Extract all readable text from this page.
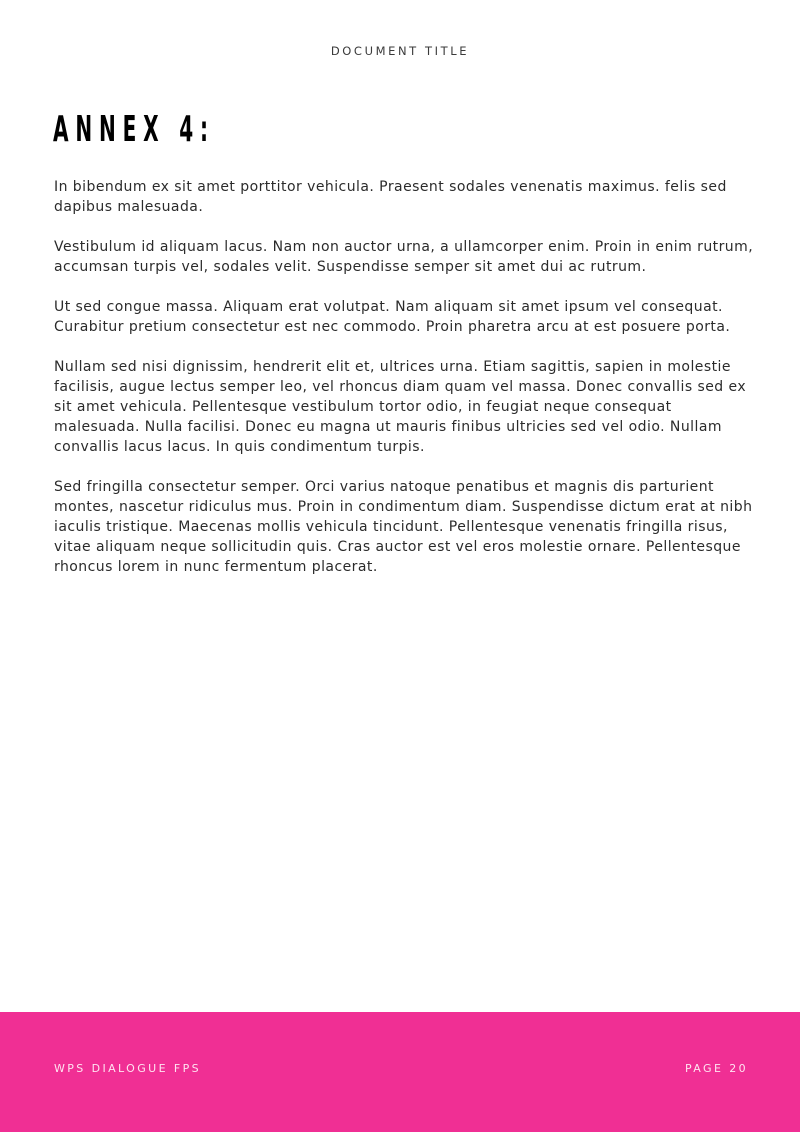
DOCUMENT TITLE
ANNEX 4:

In bibendum ex sit amet porttitor vehicula. Praesent sodales venenatis maximus. felis sed dapibus malesuada.

Vestibulum id aliquam lacus. Nam non auctor urna, a ullamcorper enim. Proin in enim rutrum, accumsan turpis vel, sodales velit. Suspendisse semper sit amet dui ac rutrum.

Ut sed congue massa. Aliquam erat volutpat. Nam aliquam sit amet ipsum vel consequat. Curabitur pretium consectetur est nec commodo. Proin pharetra arcu at est posuere porta.

Nullam sed nisi dignissim, hendrerit elit et, ultrices urna. Etiam sagittis, sapien in molestie facilisis, augue lectus semper leo, vel rhoncus diam quam vel massa. Donec convallis sed ex sit amet vehicula. Pellentesque vestibulum tortor odio, in feugiat neque consequat malesuada. Nulla facilisi. Donec eu magna ut mauris finibus ultricies sed vel odio. Nullam convallis lacus lacus. In quis condimentum turpis.

Sed fringilla consectetur semper. Orci varius natoque penatibus et magnis dis parturient montes, nascetur ridiculus mus. Proin in condimentum diam. Suspendisse dictum erat at nibh iaculis tristique. Maecenas mollis vehicula tincidunt. Pellentesque venenatis fringilla risus, vitae aliquam neque sollicitudin quis. Cras auctor est vel eros molestie ornare. Pellentesque rhoncus lorem in nunc fermentum placerat.

WPS DIALOGUE FPS	PAGE 20
